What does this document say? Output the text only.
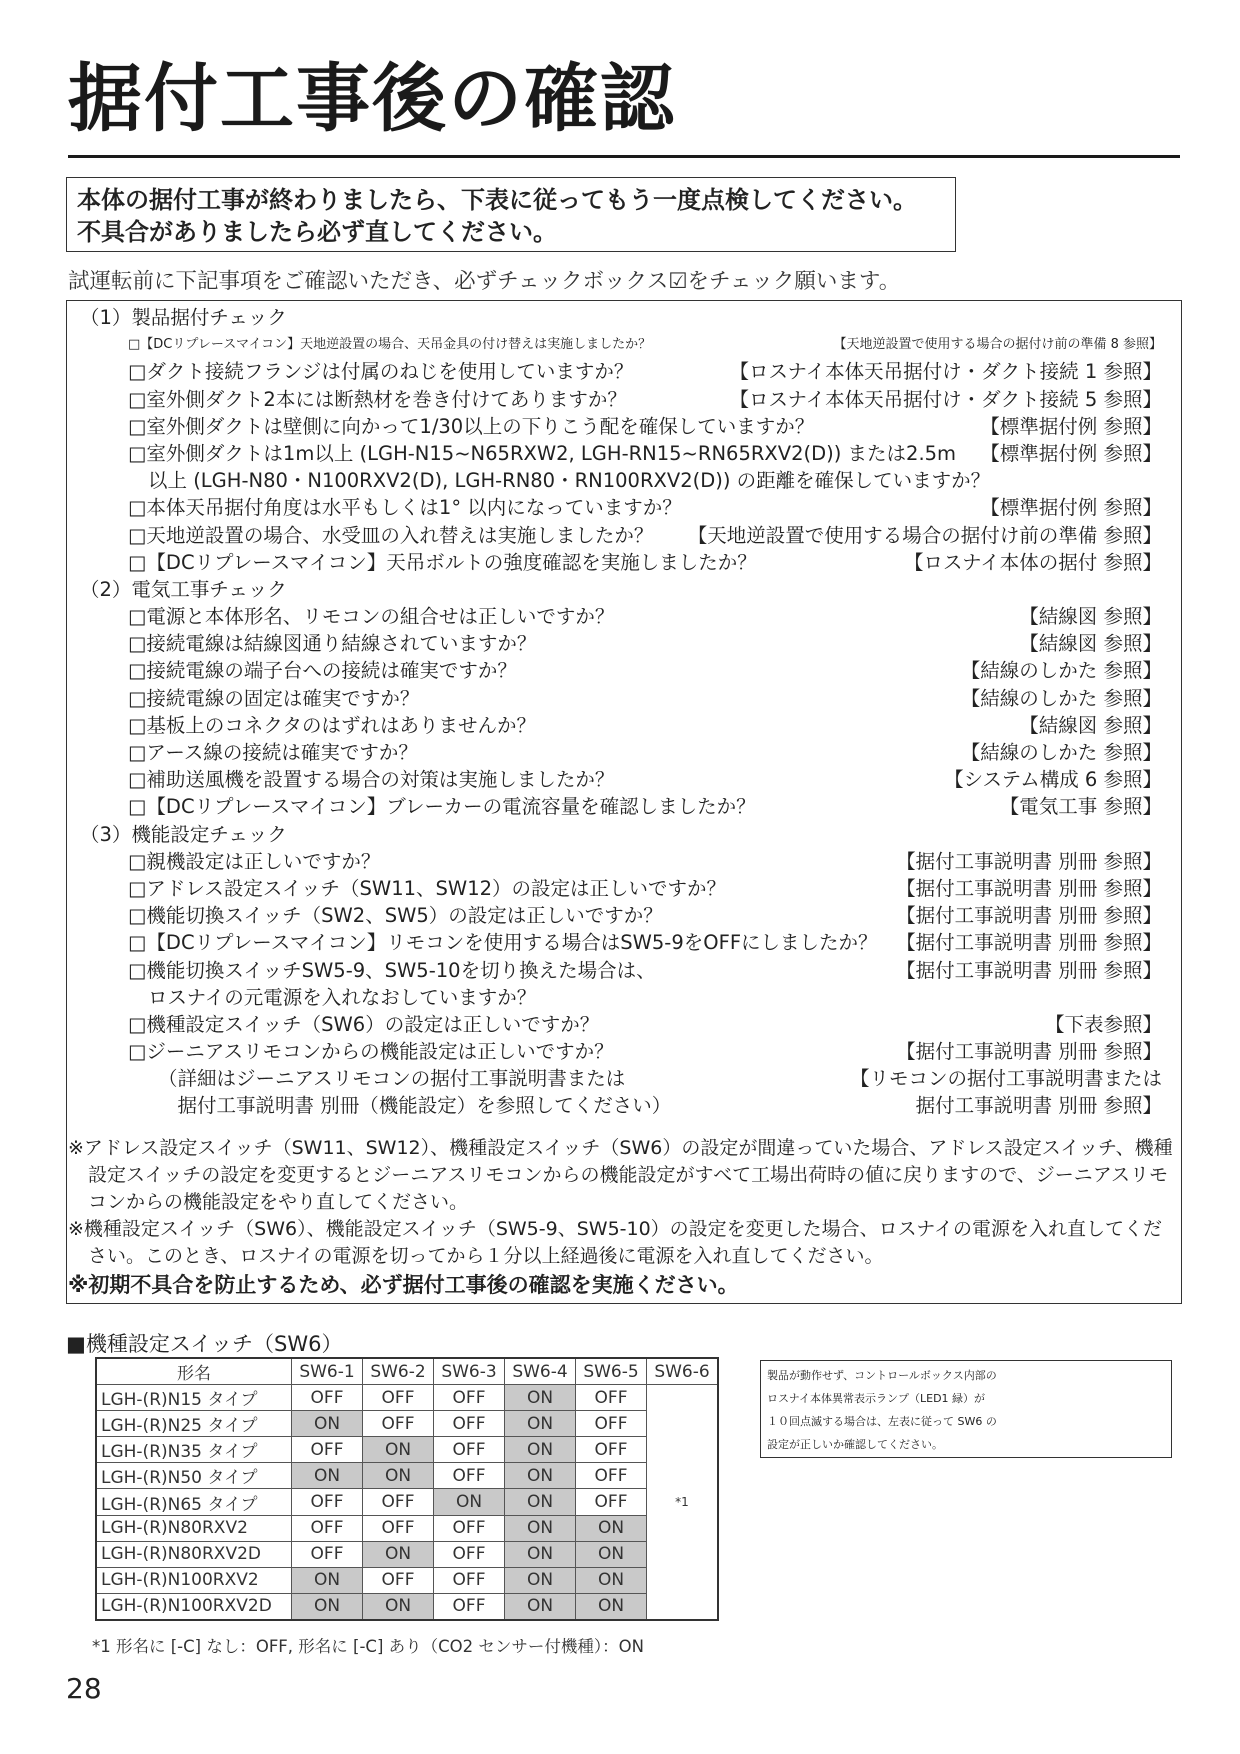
据付工事後の確認

本体の据付工事が終わりましたら、下表に従ってもう一度点検してください。

不具合がありましたら必ず直してください。

試運転前に下記事項をご確認いただき、必ずチェックボックス☑をチェック願います。
（1）製品据付チェック
□【DCリプレースマイコン】天地逆設置の場合、天吊金具の付け替えは実施しましたか？	【天地逆設置で使用する場合の据付け前の準備 8 参照】
□ダクト接続フランジは付属のねじを使用していますか？	【ロスナイ本体天吊据付け・ダクト接続 1 参照】
□室外側ダクト2本には断熱材を巻き付けてありますか？	【ロスナイ本体天吊据付け・ダクト接続 5 参照】
□室外側ダクトは壁側に向かって1/30以上の下りこう配を確保していますか？	【標準据付例 参照】
□室外側ダクトは1m以上 (LGH-N15~N65RXW2, LGH-RN15~RN65RXV2(D)) または2.5m 【標準据付例 参照】
以上 (LGH-N80・N100RXV2(D), LGH-RN80・RN100RXV2(D)) の距離を確保していますか？
□本体天吊据付角度は水平もしくは1° 以内になっていますか？	【標準据付例 参照】
□天地逆設置の場合、水受皿の入れ替えは実施しましたか？ 【天地逆設置で使用する場合の据付け前の準備 参照】
□【DCリプレースマイコン】天吊ボルトの強度確認を実施しましたか？	【ロスナイ本体の据付 参照】
（2）電気工事チェック
□電源と本体形名、リモコンの組合せは正しいですか？	【結線図 参照】
□接続電線は結線図通り結線されていますか？	【結線図 参照】
□接続電線の端子台への接続は確実ですか？	【結線のしかた 参照】
□接続電線の固定は確実ですか？	【結線のしかた 参照】
□基板上のコネクタのはずれはありませんか？	【結線図 参照】
□アース線の接続は確実ですか？	【結線のしかた 参照】
□補助送風機を設置する場合の対策は実施しましたか？	【システム構成 6 参照】
□【DCリプレースマイコン】ブレーカーの電流容量を確認しましたか？	【電気工事 参照】
（3）機能設定チェック
□親機設定は正しいですか？	【据付工事説明書 別冊 参照】
□アドレス設定スイッチ（SW11、SW12）の設定は正しいですか？	【据付工事説明書 別冊 参照】
□機能切換スイッチ（SW2、SW5）の設定は正しいですか？	【据付工事説明書 別冊 参照】
□【DCリプレースマイコン】リモコンを使用する場合はSW5-9をOFFにしましたか？ 【据付工事説明書 別冊 参照】
□機能切換スイッチSW5-9、SW5-10を切り換えた場合は、	【据付工事説明書 別冊 参照】
ロスナイの元電源を入れなおしていますか？
□機種設定スイッチ（SW6）の設定は正しいですか？	【下表参照】
□ジーニアスリモコンからの機能設定は正しいですか？	【据付工事説明書 別冊 参照】
（詳細はジーニアスリモコンの据付工事説明書または	【リモコンの据付工事説明書または
　据付工事説明書 別冊（機能設定）を参照してください）	据付工事説明書 別冊 参照】
※アドレス設定スイッチ（SW11、SW12）、機種設定スイッチ（SW6）の設定が間違っていた場合、アドレス設定スイッチ、機種設定スイッチの設定を変更するとジーニアスリモコンからの機能設定がすべて工場出荷時の値に戻りますので、ジーニアスリモコンからの機能設定をやり直してください。
※機種設定スイッチ（SW6）、機能設定スイッチ（SW5-9、SW5-10）の設定を変更した場合、ロスナイの電源を入れ直してください。このとき、ロスナイの電源を切ってから１分以上経過後に電源を入れ直してください。
※初期不具合を防止するため、必ず据付工事後の確認を実施ください。
■機種設定スイッチ（SW6）
形名	SW6-1	SW6-2	SW6-3	SW6-4	SW6-5	SW6-6
LGH-(R)N15 タイプ	OFF	OFF	OFF	ON	OFF	*1
LGH-(R)N25 タイプ	ON	OFF	OFF	ON	OFF	
LGH-(R)N35 タイプ	OFF	ON	OFF	ON	OFF	
LGH-(R)N50 タイプ	ON	ON	OFF	ON	OFF	
LGH-(R)N65 タイプ	OFF	OFF	ON	ON	OFF	
LGH-(R)N80RXV2	OFF	OFF	OFF	ON	ON	
LGH-(R)N80RXV2D	OFF	ON	OFF	ON	ON	
LGH-(R)N100RXV2	ON	OFF	OFF	ON	ON	
LGH-(R)N100RXV2D	ON	ON	OFF	ON	ON	
*1 形名に [-C] なし：OFF, 形名に [-C] あり（CO2 センサー付機種）：ON

製品が動作せず、コントロールボックス内部の

ロスナイ本体異常表示ランプ（LED1 緑）が

１０回点滅する場合は、左表に従って SW6 の

設定が正しいか確認してください。

28
